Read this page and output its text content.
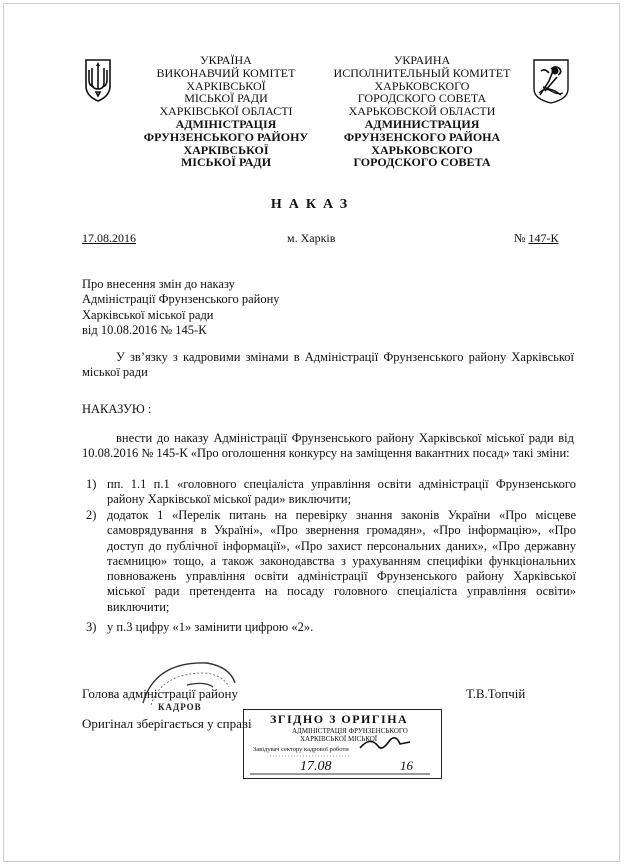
УКРАЇНА
ВИКОНАВЧИЙ КОМІТЕТ
ХАРКІВСЬКОЇ
МІСЬКОЇ РАДИ
ХАРКІВСЬКОЇ ОБЛАСТІ
АДМІНІСТРАЦІЯ
ФРУНЗЕНСЬКОГО РАЙОНУ
ХАРКІВСЬКОЇ
МІСЬКОЇ РАДИ
УКРАИНА
ИСПОЛНИТЕЛЬНЫЙ КОМИТЕТ
ХАРЬКОВСКОГО
ГОРОДСКОГО СОВЕТА
ХАРЬКОВСКОЙ ОБЛАСТИ
АДМИНИСТРАЦИЯ
ФРУНЗЕНСКОГО РАЙОНА
ХАРЬКОВСКОГО
ГОРОДСКОГО СОВЕТА
НАКАЗ
17.08.2016	м. Харків	№ 147-К
Про внесення змін до наказу
Адміністрації Фрунзенського району
Харківської міської ради
від 10.08.2016 № 145-К
У зв’язку з кадровими змінами в Адміністрації Фрунзенського району Харківської міської ради
НАКАЗУЮ :
внести до наказу Адміністрації Фрунзенського району Харківської міської ради від 10.08.2016 № 145-К «Про оголошення конкурсу на заміщення вакантних посад» такі зміни:
1) пп. 1.1 п.1 «головного спеціаліста управління освіти адміністрації Фрунзенського району Харківської міської ради» виключити;
2) додаток 1 «Перелік питань на перевірку знання законів України «Про місцеве самоврядування в Україні», «Про звернення громадян», «Про інформацію», «Про доступ до публічної інформації», «Про захист персональних даних», «Про державну таємницю» тощо, а також законодавства з урахуванням специфіки функціональних повноважень управління освіти адміністрації Фрунзенського району Харківської міської ради претендента на посаду головного спеціаліста управління освіти» виключити;
3) у п.3 цифру «1» замінити цифрою «2».
КАДРОВ
Голова адміністрації району	Т.В.Топчій
Оригінал зберігається у справі ЗГІДНО З ОРИГІНА
АДМІНІСТРАЦІЯ ФРУНЗЕНСЬКОГО
ХАРКІВСЬКОЇ МІСЬКОЇ
Завідувач сектору кадрової роботи
17.08	16
